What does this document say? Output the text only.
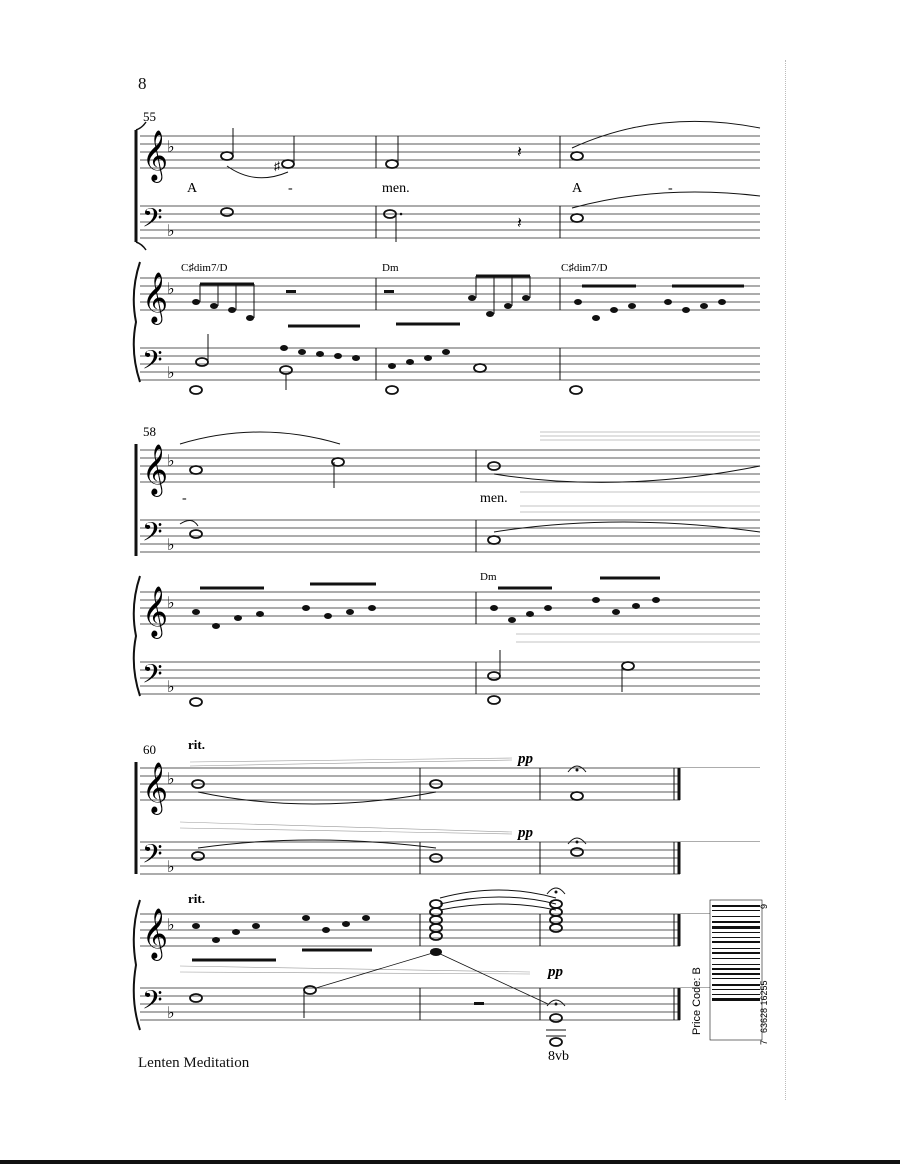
8
Lenten Meditation
55
𝄞
♭
♯
𝄽
A	-	men.	A	-
𝄢 ♭	𝄽
C♯dim7/D	Dm	C♯dim7/D
𝄞
♭
𝄢 ♭
58
𝄞
♭
-	men.
𝄢 ♭
Dm
𝄞
♭
𝄢 ♭
60 rit.
𝄞
♭
pp
𝄢 ♭
pp
rit.
𝄞
♭
pp
𝄢 ♭
8vb
Price Code: B
7
63628 16255
9
